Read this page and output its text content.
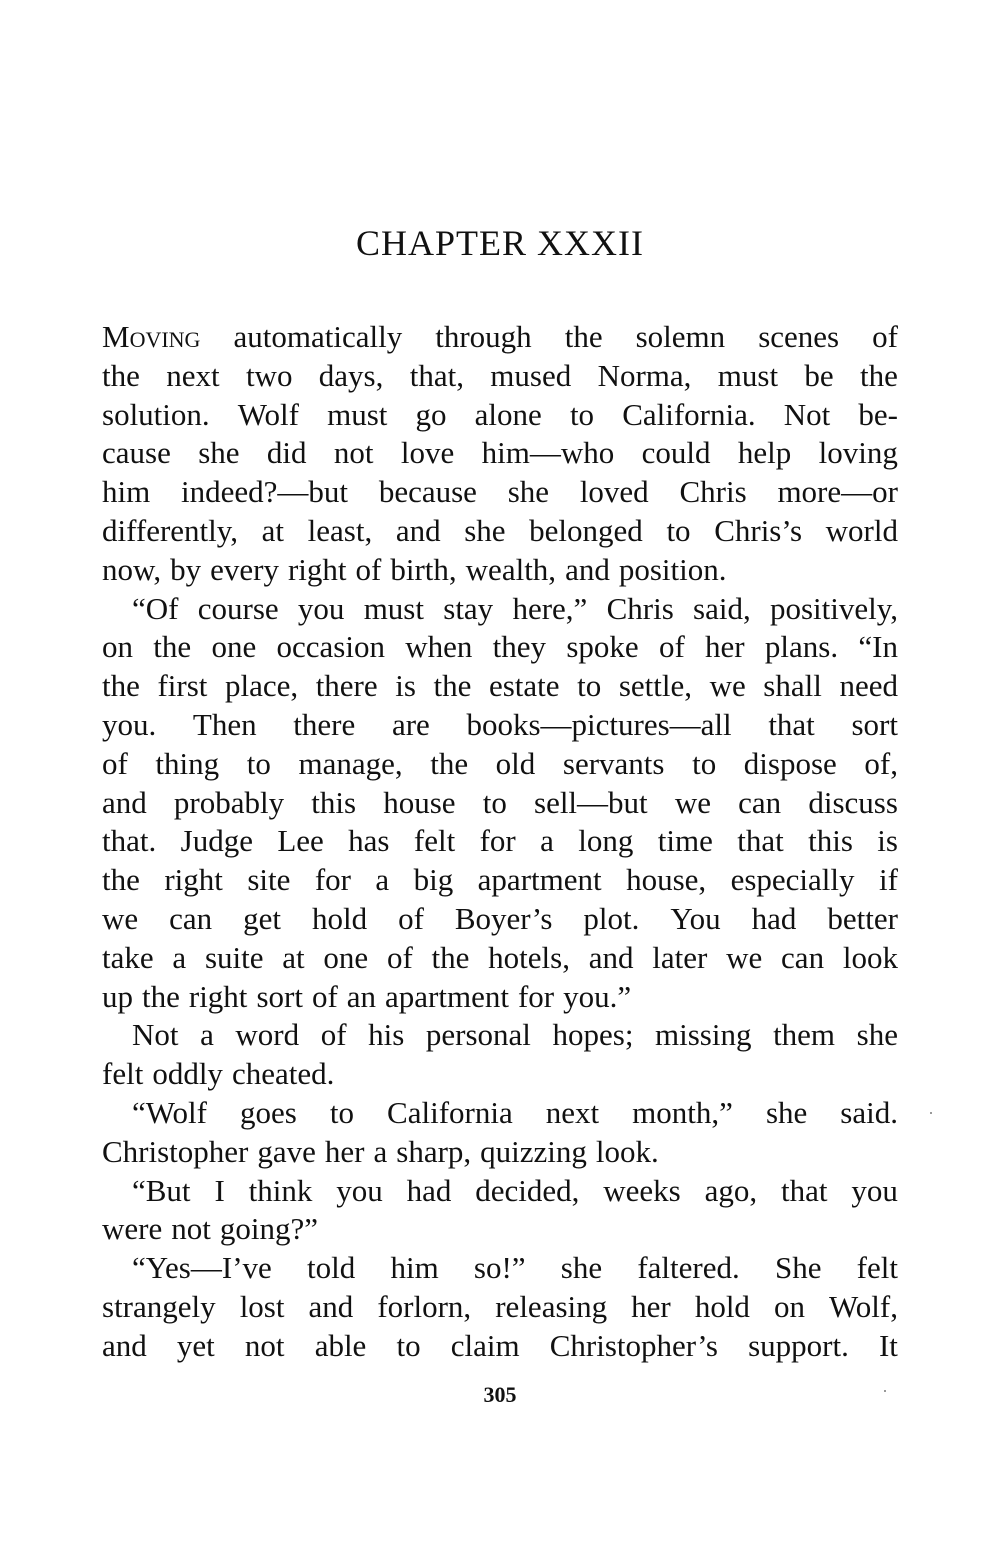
CHAPTER XXXII
Moving automatically through the solemn scenes of
the next two days, that, mused Norma, must be the
solution. Wolf must go alone to California. Not be-
cause she did not love him—who could help loving
him indeed?—but because she loved Chris more—or
differently, at least, and she belonged to Chris’s world
now, by every right of birth, wealth, and position.
“Of course you must stay here,” Chris said, positively,
on the one occasion when they spoke of her plans. “In
the first place, there is the estate to settle, we shall need
you. Then there are books—pictures—all that sort
of thing to manage, the old servants to dispose of,
and probably this house to sell—but we can discuss
that. Judge Lee has felt for a long time that this is
the right site for a big apartment house, especially if
we can get hold of Boyer’s plot. You had better
take a suite at one of the hotels, and later we can look
up the right sort of an apartment for you.”
Not a word of his personal hopes; missing them she
felt oddly cheated.
“Wolf goes to California next month,” she said.
Christopher gave her a sharp, quizzing look.
“But I think you had decided, weeks ago, that you
were not going?”
“Yes—I’ve told him so!” she faltered. She felt
strangely lost and forlorn, releasing her hold on Wolf,
and yet not able to claim Christopher’s support. It
305
